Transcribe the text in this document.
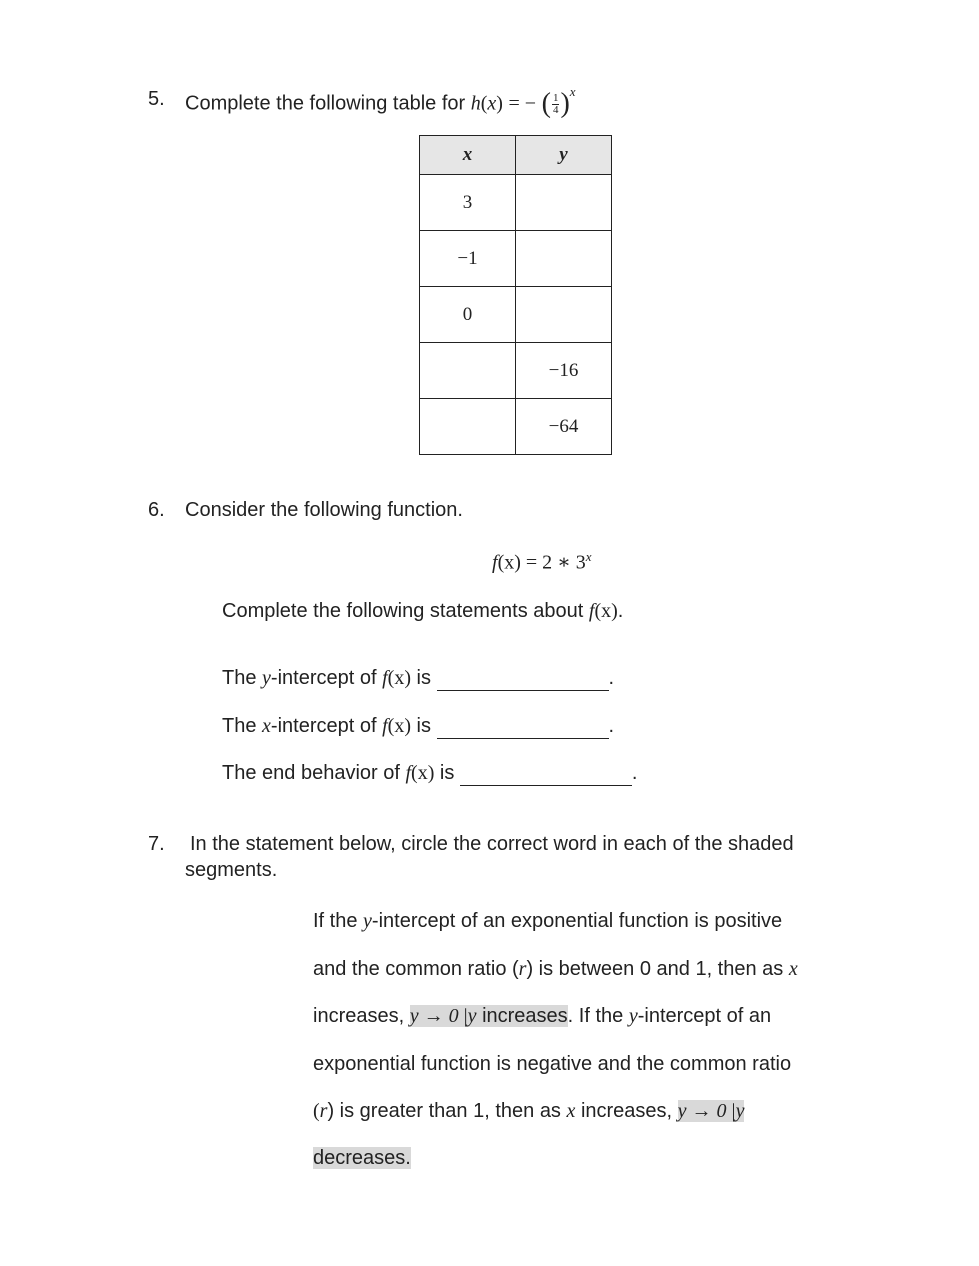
5. Complete the following table for h(x) = − ( $\frac{1}{4} )^x$
x	y
3	
−1	
0	
	−16
	−64
6. Consider the following function.
f(x) = 2 ∗ 3$^x$
Complete the following statements about f(x).
The y-intercept of f(x) is	.
The x-intercept of f(x) is	.
The end behavior of f(x) is	.
7. In the statement below, circle the correct word in each of the shaded
segments.
If the y-intercept of an exponential function is positive
and the common ratio (r) is between 0 and 1, then as x
increases, y → 0 |y increases. If the y-intercept of an
exponential function is negative and the common ratio
(r) is greater than 1, then as x increases, y → 0 |y
decreases.
